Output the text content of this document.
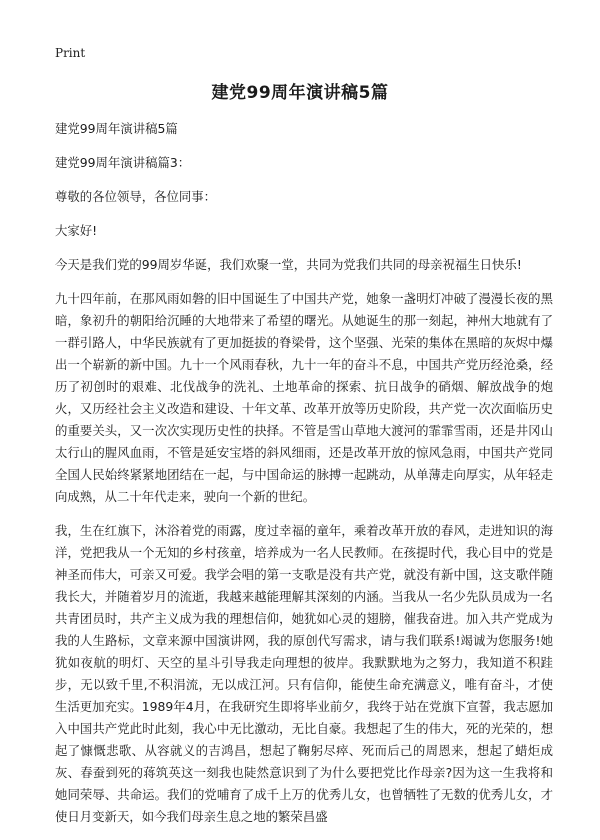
Print
建党99周年演讲稿5篇

建党99周年演讲稿5篇

建党99周年演讲稿篇3：

尊敬的各位领导，各位同事：

大家好!

今天是我们党的99周岁华诞，我们欢聚一堂，共同为党我们共同的母亲祝福生日快乐!

九十四年前，在那风雨如磐的旧中国诞生了中国共产党，她象一盏明灯冲破了漫漫长夜的黑暗，象初升的朝阳给沉睡的大地带来了希望的曙光。从她诞生的那一刻起，神州大地就有了一群引路人，中华民族就有了更加挺拔的脊梁骨，这个坚强、光荣的集体在黑暗的灰烬中爆出一个崭新的新中国。九十一个风雨春秋，九十一年的奋斗不息，中国共产党历经沧桑，经历了初创时的艰难、北伐战争的洗礼、土地革命的探索、抗日战争的硝烟、解放战争的炮火，又历经社会主义改造和建设、十年文革、改革开放等历史阶段，共产党一次次面临历史的重要关头，又一次次实现历史性的抉择。不管是雪山草地大渡河的霏霏雪雨，还是井冈山太行山的腥风血雨，不管是延安宝塔的斜风细雨，还是改革开放的惊风急雨，中国共产党同全国人民始终紧紧地团结在一起，与中国命运的脉搏一起跳动，从单薄走向厚实，从年轻走向成熟，从二十年代走来，驶向一个新的世纪。

我，生在红旗下，沐浴着党的雨露，度过幸福的童年，乘着改革开放的春风，走进知识的海洋，党把我从一个无知的乡村孩童，培养成为一名人民教师。在孩提时代，我心目中的党是神圣而伟大，可亲又可爱。我学会唱的第一支歌是没有共产党，就没有新中国，这支歌伴随我长大，并随着岁月的流逝，我越来越能理解其深刻的内涵。当我从一名少先队员成为一名共青团员时，共产主义成为我的理想信仰，她犹如心灵的翅膀，催我奋进。加入共产党成为我的人生路标，文章来源中国演讲网，我的原创代写需求，请与我们联系!竭诚为您服务!她犹如夜航的明灯、天空的星斗引导我走向理想的彼岸。我默默地为之努力，我知道不积跬步，无以致千里,不积涓流，无以成江河。只有信仰，能使生命充满意义，唯有奋斗，才使生活更加充实。1989年4月，在我研究生即将毕业前夕，我终于站在党旗下宣誓，我志愿加入中国共产党此时此刻，我心中无比激动，无比自豪。我想起了生的伟大，死的光荣的，想起了慷慨悲歌、从容就义的吉鸿昌，想起了鞠躬尽瘁、死而后己的周恩来，想起了蜡炬成灰、春蚕到死的蒋筑英这一刻我也陡然意识到了为什么要把党比作母亲?因为这一生我将和她同荣辱、共命运。我们的党哺育了成千上万的优秀儿女，也曾牺牲了无数的优秀儿女，才使日月变新天，如今我们母亲生息之地的繁荣昌盛
